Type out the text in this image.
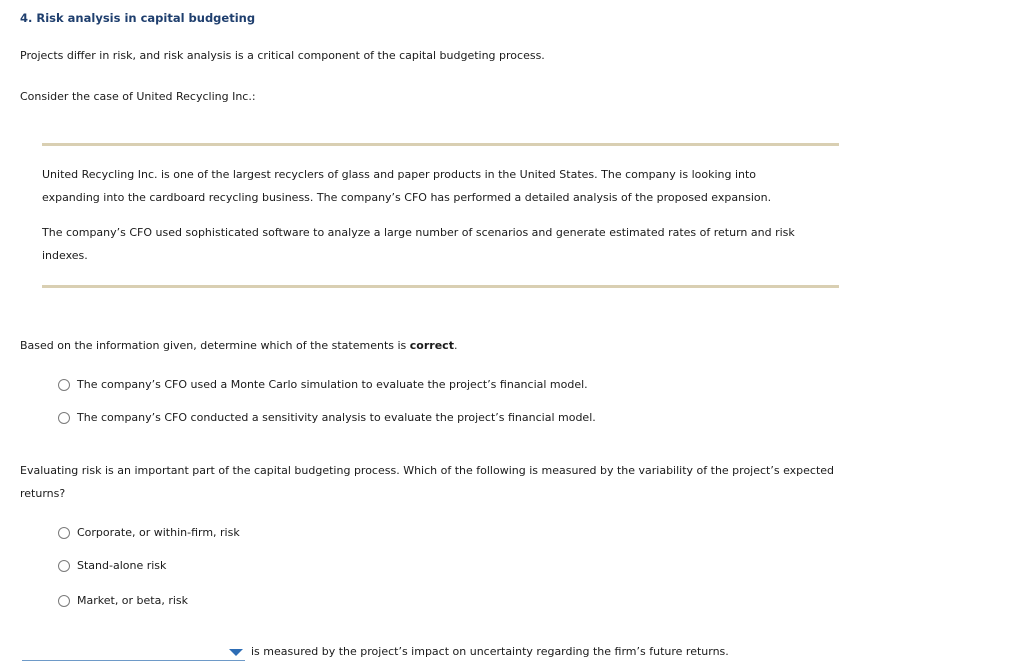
4. Risk analysis in capital budgeting
Projects differ in risk, and risk analysis is a critical component of the capital budgeting process.
Consider the case of United Recycling Inc.:
United Recycling Inc. is one of the largest recyclers of glass and paper products in the United States. The company is looking into
expanding into the cardboard recycling business. The company’s CFO has performed a detailed analysis of the proposed expansion.
The company’s CFO used sophisticated software to analyze a large number of scenarios and generate estimated rates of return and risk
indexes.
Based on the information given, determine which of the statements is correct.
The company’s CFO used a Monte Carlo simulation to evaluate the project’s financial model.
The company’s CFO conducted a sensitivity analysis to evaluate the project’s financial model.
Evaluating risk is an important part of the capital budgeting process. Which of the following is measured by the variability of the project’s expected
returns?
Corporate, or within-firm, risk
Stand-alone risk
Market, or beta, risk
is measured by the project’s impact on uncertainty regarding the firm’s future returns.
